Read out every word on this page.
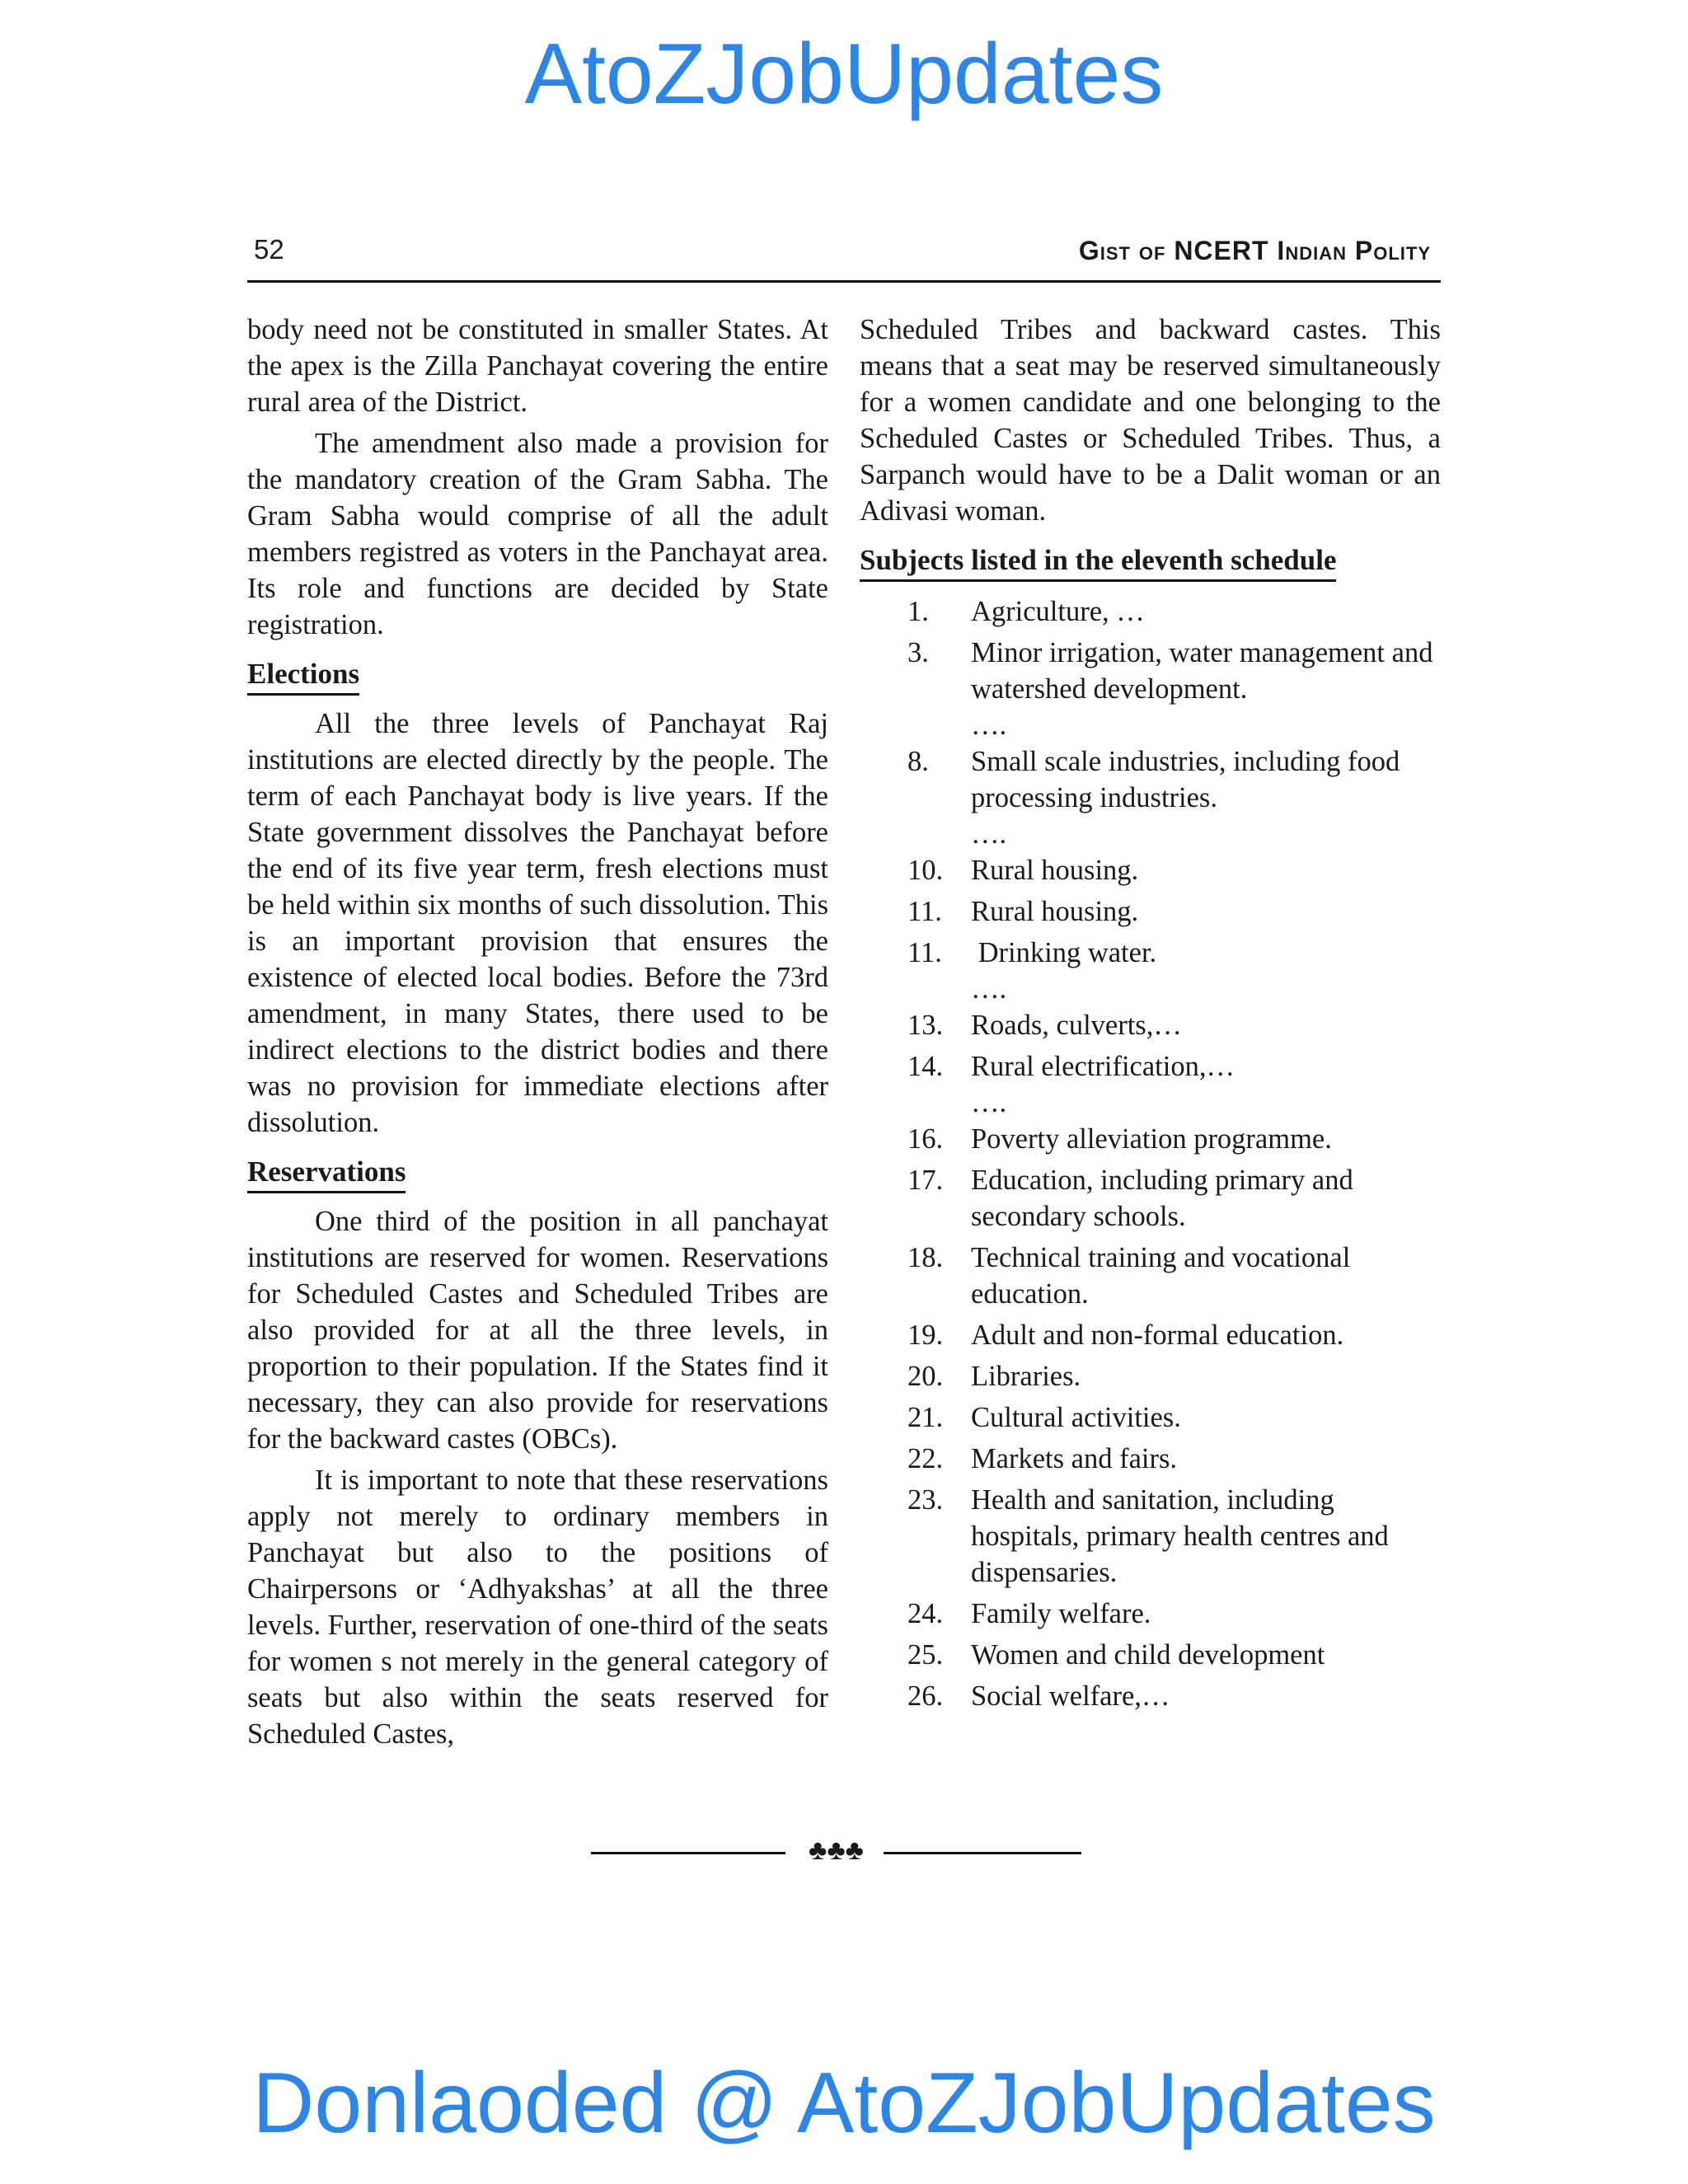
AtoZJobUpdates
52	Gist of NCERT Indian Polity

body need not be constituted in smaller States. At the apex is the Zilla Panchayat covering the entire rural area of the District.

The amendment also made a provision for the mandatory creation of the Gram Sabha. The Gram Sabha would comprise of all the adult members registred as voters in the Panchayat area. Its role and functions are decided by State registration.

Elections

All the three levels of Panchayat Raj institutions are elected directly by the people. The term of each Panchayat body is live years. If the State government dissolves the Panchayat before the end of its five year term, fresh elections must be held within six months of such dissolution. This is an important provision that ensures the existence of elected local bodies. Before the 73rd amendment, in many States, there used to be indirect elections to the district bodies and there was no provision for immediate elections after dissolution.

Reservations

One third of the position in all panchayat institutions are reserved for women. Reservations for Scheduled Castes and Scheduled Tribes are also provided for at all the three levels, in proportion to their population. If the States find it necessary, they can also provide for reservations for the backward castes (OBCs).

It is important to note that these reservations apply not merely to ordinary members in Panchayat but also to the positions of Chairpersons or ‘Adhyakshas’ at all the three levels. Further, reservation of one-third of the seats for women s not merely in the general category of seats but also within the seats reserved for Scheduled Castes,

Scheduled Tribes and backward castes. This means that a seat may be reserved simultaneously for a women candidate and one belonging to the Scheduled Castes or Scheduled Tribes. Thus, a Sarpanch would have to be a Dalit woman or an Adivasi woman.

Subjects listed in the eleventh schedule
1. Agriculture, …
3. Minor irrigation, water management and watershed development.
….
8. Small scale industries, including food processing industries.
….
10. Rural housing.
11. Rural housing.
11. Drinking water.
….
13. Roads, culverts,…
14. Rural electrification,…
….
16. Poverty alleviation programme.
17. Education, including primary and secondary schools.
18. Technical training and vocational education.
19. Adult and non-formal education.
20. Libraries.
21. Cultural activities.
22. Markets and fairs.
23. Health and sanitation, including hospitals, primary health centres and dispensaries.
24. Family welfare.
25. Women and child development
26. Social welfare,…
♣♣♣
Donlaoded @ AtoZJobUpdates
